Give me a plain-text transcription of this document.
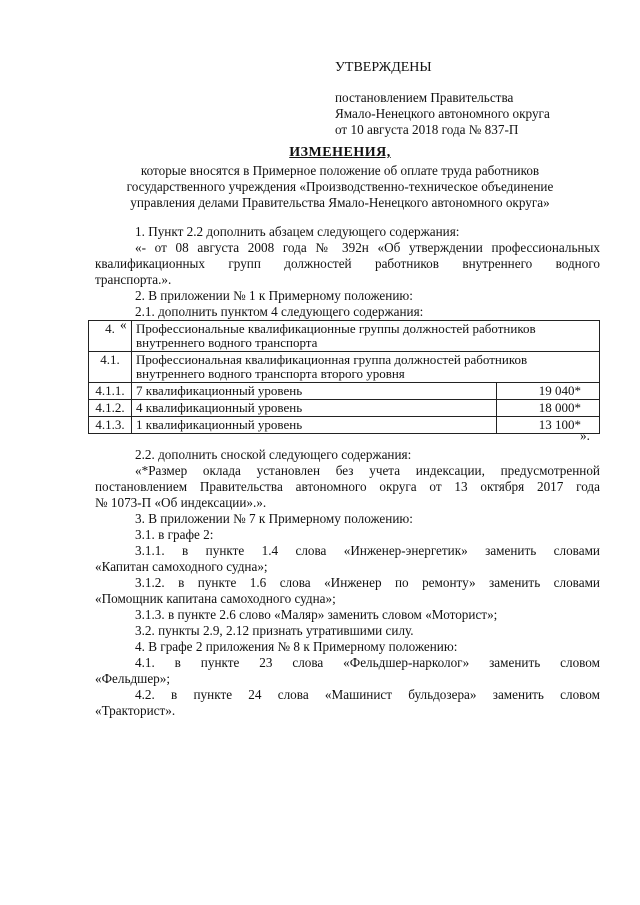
УТВЕРЖДЕНЫ
постановлением Правительства
Ямало-Ненецкого автономного округа
от 10 августа 2018 года № 837-П
ИЗМЕНЕНИЯ,
которые вносятся в Примерное положение об оплате труда работников
государственного учреждения «Производственно-техническое объединение
управления делами Правительства Ямало-Ненецкого автономного округа»
1. Пункт 2.2 дополнить абзацем следующего содержания:
«- от 08 августа 2008 года № 392н «Об утверждении профессиональных
квалификационных групп должностей работников внутреннего водного
транспорта.».
2. В приложении № 1 к Примерному положению:
2.1. дополнить пунктом 4 следующего содержания:
«
4.	Профессиональные квалификационные группы должностей работников внутреннего водного транспорта	
4.1.	Профессиональная квалификационная группа должностей работников внутреннего водного транспорта второго уровня	
4.1.1.	7 квалификационный уровень	19 040*
4.1.2.	4 квалификационный уровень	18 000*
4.1.3.	1 квалификационный уровень	13 100*
».
2.2. дополнить сноской следующего содержания:
«*Размер оклада установлен без учета индексации, предусмотренной
постановлением Правительства автономного округа от 13 октября 2017 года
№ 1073-П «Об индексации».».
3. В приложении № 7 к Примерному положению:
3.1. в графе 2:
3.1.1. в пункте 1.4 слова «Инженер-энергетик» заменить словами
«Капитан самоходного судна»;
3.1.2. в пункте 1.6 слова «Инженер по ремонту» заменить словами
«Помощник капитана самоходного судна»;
3.1.3. в пункте 2.6 слово «Маляр» заменить словом «Моторист»;
3.2. пункты 2.9, 2.12 признать утратившими силу.
4. В графе 2 приложения № 8 к Примерному положению:
4.1. в пункте 23 слова «Фельдшер-нарколог» заменить словом
«Фельдшер»;
4.2. в пункте 24 слова «Машинист бульдозера» заменить словом
«Тракторист».
